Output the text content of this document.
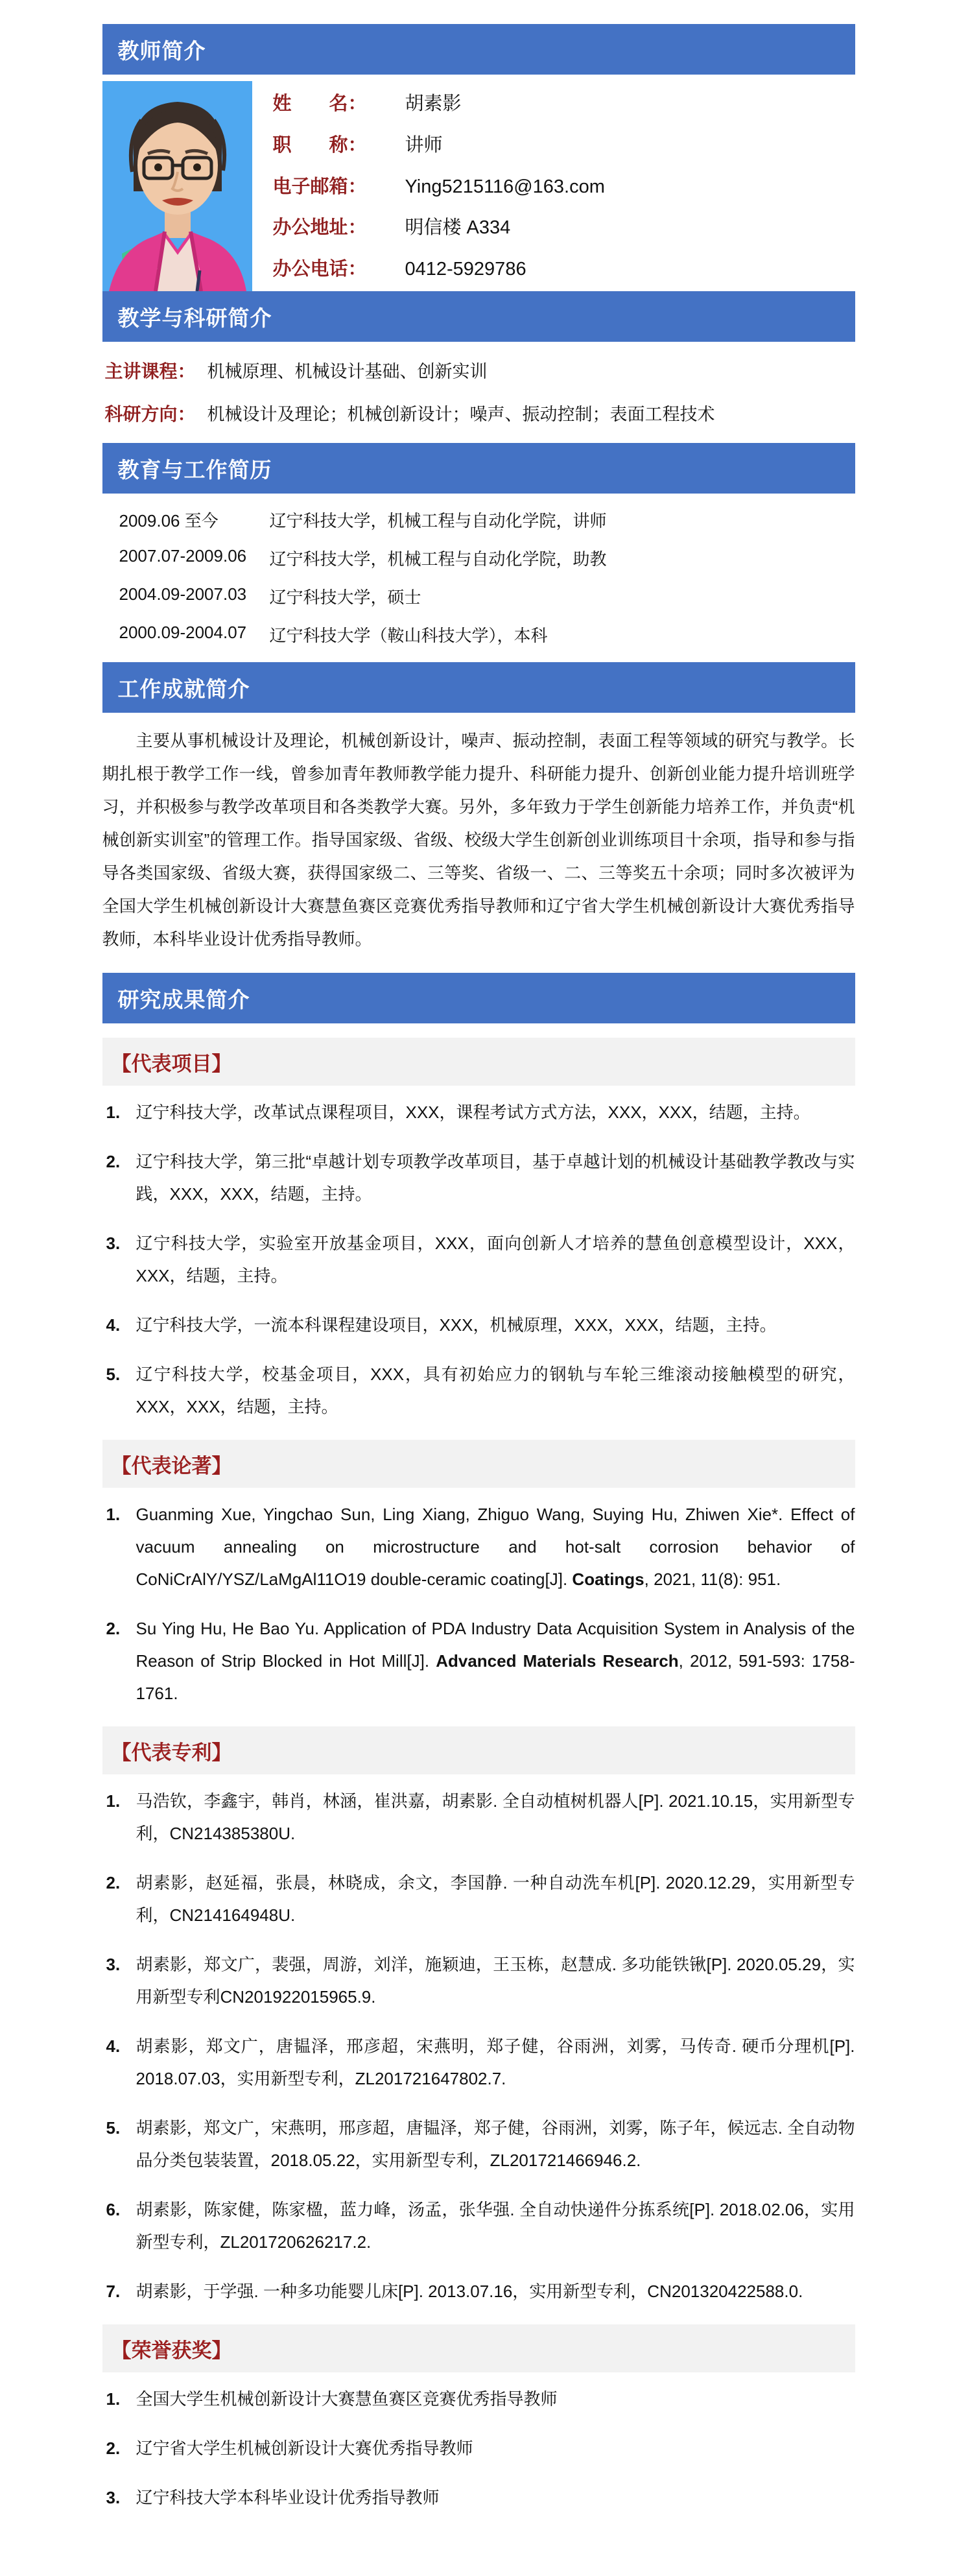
教师简介
姓　　名：	胡素影
职　　称：	讲师
电子邮箱：	Ying5215116@163.com
办公地址：	明信楼 A334
办公电话：	0412-5929786
教学与科研简介
主讲课程： 机械原理、机械设计基础、创新实训
科研方向： 机械设计及理论；机械创新设计；噪声、振动控制；表面工程技术
教育与工作简历
2009.06 至今	辽宁科技大学，机械工程与自动化学院，讲师
2007.07-2009.06	辽宁科技大学，机械工程与自动化学院，助教
2004.09-2007.03	辽宁科技大学，硕士
2000.09-2004.07	辽宁科技大学（鞍山科技大学），本科
工作成就简介

主要从事机械设计及理论，机械创新设计，噪声、振动控制，表面工程等领域的研究与教学。长期扎根于教学工作一线，曾参加青年教师教学能力提升、科研能力提升、创新创业能力提升培训班学习，并积极参与教学改革项目和各类教学大赛。另外，多年致力于学生创新能力培养工作，并负责“机械创新实训室”的管理工作。指导国家级、省级、校级大学生创新创业训练项目十余项，指导和参与指导各类国家级、省级大赛，获得国家级二、三等奖、省级一、二、三等奖五十余项；同时多次被评为全国大学生机械创新设计大赛慧鱼赛区竞赛优秀指导教师和辽宁省大学生机械创新设计大赛优秀指导教师，本科毕业设计优秀指导教师。

研究成果简介
【代表项目】
辽宁科技大学，改革试点课程项目，XXX，课程考试方式方法，XXX，XXX，结题，主持。
辽宁科技大学，第三批“卓越计划专项教学改革项目，基于卓越计划的机械设计基础教学教改与实践，XXX，XXX，结题，主持。
辽宁科技大学，实验室开放基金项目，XXX，面向创新人才培养的慧鱼创意模型设计，XXX，XXX，结题，主持。
辽宁科技大学，一流本科课程建设项目，XXX，机械原理，XXX，XXX，结题，主持。
辽宁科技大学，校基金项目，XXX，具有初始应力的钢轨与车轮三维滚动接触模型的研究，XXX，XXX，结题，主持。
【代表论著】
Guanming Xue, Yingchao Sun, Ling Xiang, Zhiguo Wang, Suying Hu, Zhiwen Xie*. Effect of vacuum annealing on microstructure and hot-salt corrosion behavior of CoNiCrAlY/YSZ/LaMgAl11O19 double-ceramic coating[J]. Coatings, 2021, 11(8): 951.
Su Ying Hu, He Bao Yu. Application of PDA Industry Data Acquisition System in Analysis of the Reason of Strip Blocked in Hot Mill[J]. Advanced Materials Research, 2012, 591-593: 1758-1761.
【代表专利】
马浩钦，李鑫宇，韩肖，林涵，崔洪嘉，胡素影. 全自动植树机器人[P]. 2021.10.15，实用新型专利，CN214385380U.
胡素影，赵延福，张晨，林晓成，余文，李国静. 一种自动洗车机[P]. 2020.12.29，实用新型专利，CN214164948U.
胡素影，郑文广，裴强，周游，刘洋，施颖迪，王玉栋，赵慧成. 多功能铁锹[P]. 2020.05.29，实用新型专利CN201922015965.9.
胡素影，郑文广，唐韫泽，邢彦超，宋燕明，郑子健，谷雨洲，刘雾，马传奇. 硬币分理机[P]. 2018.07.03，实用新型专利，ZL201721647802.7.
胡素影，郑文广，宋燕明，邢彦超，唐韫泽，郑子健，谷雨洲，刘雾，陈子年，候远志. 全自动物品分类包装装置，2018.05.22，实用新型专利，ZL201721466946.2.
胡素影，陈家健，陈家楹，蓝力峰，汤孟，张华强. 全自动快递件分拣系统[P]. 2018.02.06，实用新型专利，ZL201720626217.2.
胡素影，于学强. 一种多功能婴儿床[P]. 2013.07.16，实用新型专利，CN201320422588.0.
【荣誉获奖】
全国大学生机械创新设计大赛慧鱼赛区竞赛优秀指导教师
辽宁省大学生机械创新设计大赛优秀指导教师
辽宁科技大学本科毕业设计优秀指导教师
